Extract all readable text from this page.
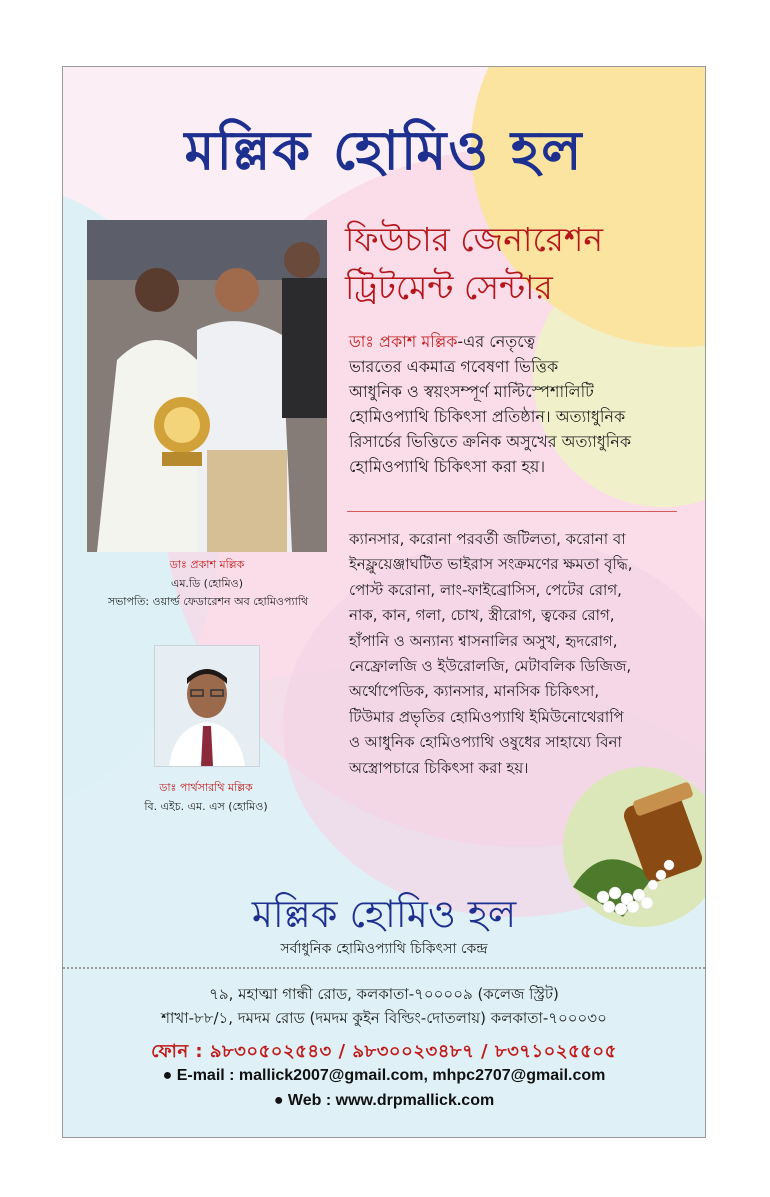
মল্লিক হোমিও হল
ডাঃ প্রকাশ মল্লিক
এম.ডি (হোমিও)
সভাপতি: ওয়ার্ল্ড ফেডারেশন অব হোমিওপ্যাথি
ফিউচার জেনারেশন
ট্রিটমেন্ট সেন্টার
ডাঃ প্রকাশ মল্লিক-এর নেতৃত্বে
ভারতের একমাত্র গবেষণা ভিত্তিক
আধুনিক ও স্বয়ংসম্পূর্ণ মাল্টিস্পেশালিটি
হোমিওপ্যাথি চিকিৎসা প্রতিষ্ঠান। অত্যাধুনিক
রিসার্চের ভিত্তিতে ক্রনিক অসুখের অত্যাধুনিক
হোমিওপ্যাথি চিকিৎসা করা হয়।
ক্যানসার, করোনা পরবর্তী জটিলতা, করোনা বা
ইনফ্লুয়েঞ্জাঘটিত ভাইরাস সংক্রমণের ক্ষমতা বৃদ্ধি,
পোস্ট করোনা, লাং-ফাইব্রোসিস, পেটের রোগ,
নাক, কান, গলা, চোখ, স্ত্রীরোগ, ত্বকের রোগ,
হাঁপানি ও অন্যান্য শ্বাসনালির অসুখ, হৃদরোগ,
নেফ্রোলজি ও ইউরোলজি, মেটাবলিক ডিজিজ,
অর্থোপেডিক, ক্যানসার, মানসিক চিকিৎসা,
টিউমার প্রভৃতির হোমিওপ্যাথি ইমিউনোথেরাপি
ও আধুনিক হোমিওপ্যাথি ওষুধের সাহায্যে বিনা
অস্ত্রোপচারে চিকিৎসা করা হয়।
ডাঃ পার্থসারথি মল্লিক
বি. এইচ. এম. এস (হোমিও)
মল্লিক হোমিও হল
সর্বাধুনিক হোমিওপ্যাথি চিকিৎসা কেন্দ্র
৭৯, মহাত্মা গান্ধী রোড, কলকাতা-৭০০০০৯ (কলেজ স্ট্রিট)
শাখা-৮৮/১, দমদম রোড (দমদম কুইন বিল্ডিং-দোতলায়) কলকাতা-৭০০০৩০
ফোন : ৯৮৩০৫০২৫৪৩ / ৯৮৩০০২৩৪৮৭ / ৮৩৭১০২৫৫০৫
● E-mail : mallick2007@gmail.com, mhpc2707@gmail.com
● Web : www.drpmallick.com
